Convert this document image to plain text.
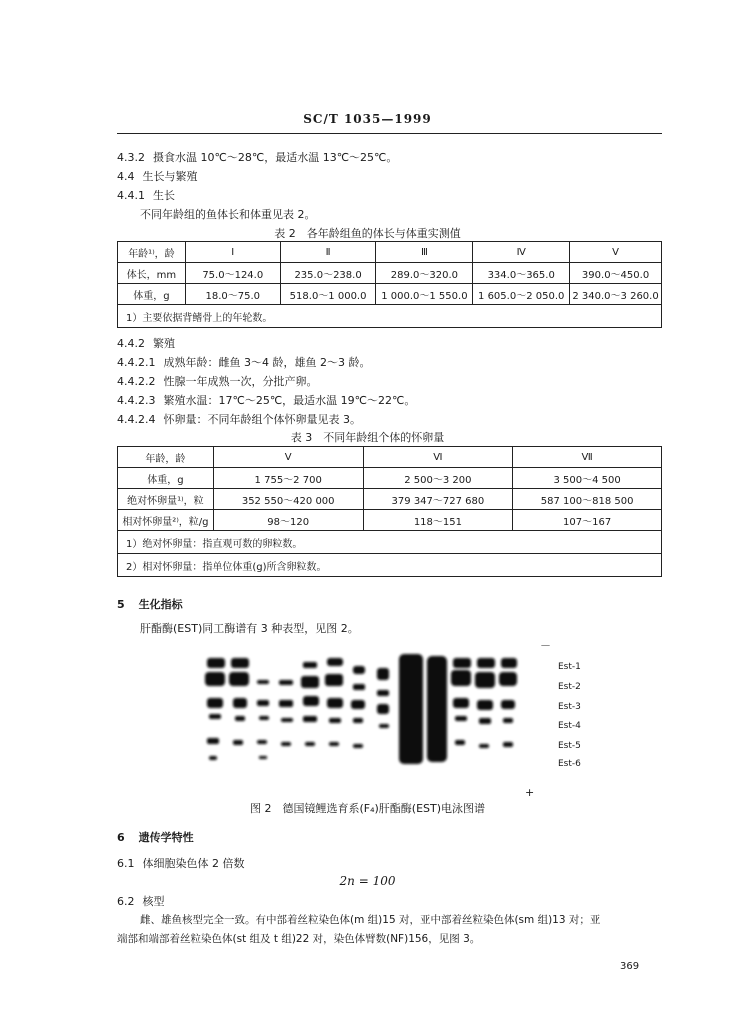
SC/T 1035—1999
4.3.2 摄食水温 10℃～28℃，最适水温 13℃～25℃。
4.4 生长与繁殖
4.4.1 生长
不同年龄组的鱼体长和体重见表 2。
表 2　各年龄组鱼的体长与体重实测值
年龄¹⁾，龄	Ⅰ	Ⅱ	Ⅲ	Ⅳ	Ⅴ
体长，mm	75.0～124.0	235.0～238.0	289.0～320.0	334.0～365.0	390.0～450.0
体重，g	18.0～75.0	518.0～1 000.0	1 000.0～1 550.0	1 605.0～2 050.0	2 340.0～3 260.0
1）主要依据背鳍骨上的年轮数。					
4.4.2 繁殖
4.4.2.1 成熟年龄：雌鱼 3～4 龄，雄鱼 2～3 龄。
4.4.2.2 性腺一年成熟一次，分批产卵。
4.4.2.3 繁殖水温：17℃～25℃，最适水温 19℃～22℃。
4.4.2.4 怀卵量：不同年龄组个体怀卵量见表 3。
表 3　不同年龄组个体的怀卵量
年龄，龄	Ⅴ	Ⅵ	Ⅶ
体重，g	1 755～2 700	2 500～3 200	3 500～4 500
绝对怀卵量¹⁾，粒	352 550～420 000	379 347～727 680	587 100～818 500
相对怀卵量²⁾，粒/g	98～120	118～151	107～167
1）绝对怀卵量：指直观可数的卵粒数。			
2）相对怀卵量：指单位体重(g)所含卵粒数。			
5 生化指标
肝酯酶(EST)同工酶谱有 3 种表型，见图 2。
－
Est-1
Est-2
Est-3
Est-4
Est-5
Est-6
+
图 2　德国镜鲤选育系(F₄)肝酯酶(EST)电泳图谱
6 遗传学特性
6.1 体细胞染色体 2 倍数
2n = 100
6.2 核型
雌、雄鱼核型完全一致。有中部着丝粒染色体(m 组)15 对，亚中部着丝粒染色体(sm 组)13 对；亚
端部和端部着丝粒染色体(st 组及 t 组)22 对，染色体臂数(NF)156，见图 3。
369
